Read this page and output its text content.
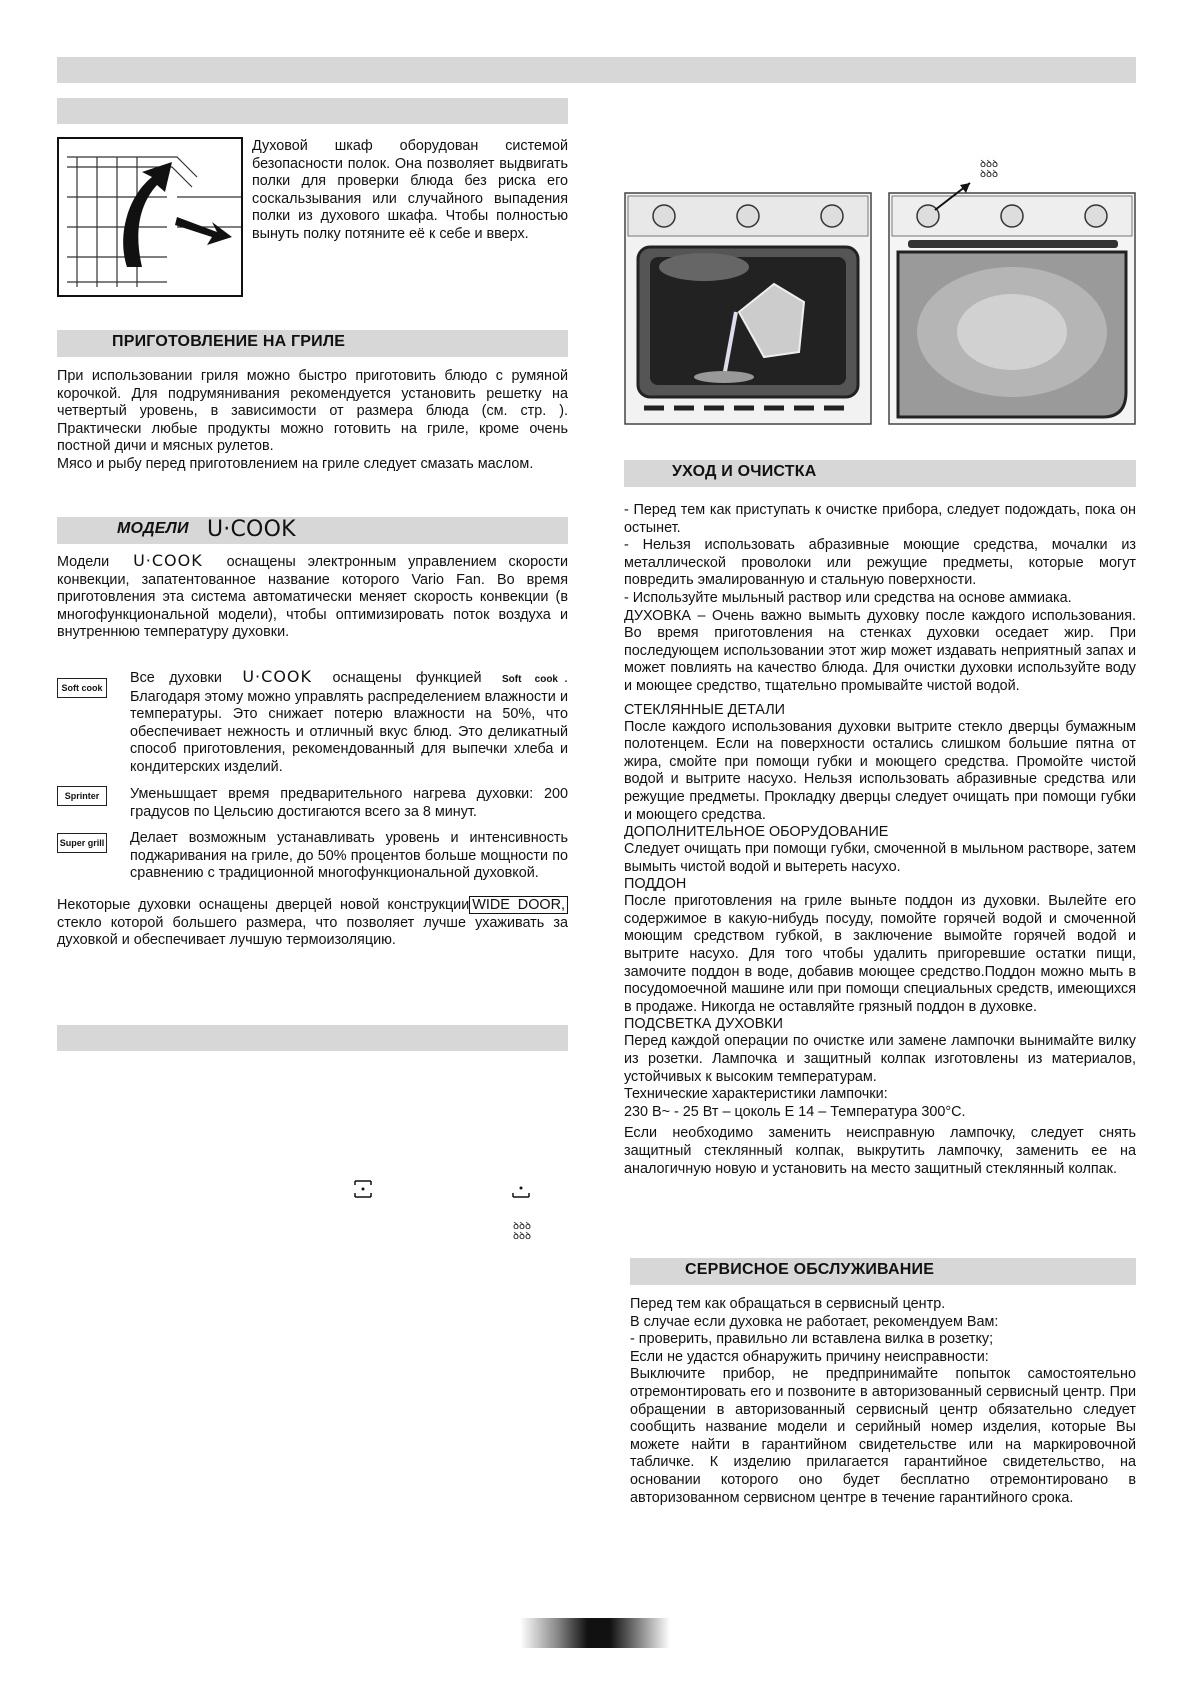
Духовой шкаф оборудован системой безопасности полок. Она позволяет выдвигать полки для проверки блюда без риска его соскальзывания или случайного выпадения полки из духового шкафа. Чтобы полностью вынуть полку потяните её к себе и вверх.
ПРИГОТОВЛЕНИЕ НА ГРИЛЕ

При использовании гриля можно быстро приготовить блюдо с румяной корочкой. Для подрумянивания рекомендуется установить решетку на четвертый уровень, в зависимости от размера блюда (см. стр. ). Практически любые продукты можно готовить на гриле, кроме очень постной дичи и мясных рулетов.

Мясо и рыбу перед приготовлением на гриле следует смазать маслом.

МОДЕЛИ U·COOK
Модели U·COOK оснащены электронным управлением скорости конвекции, запатентованное название которого Vario Fan. Во время приготовления эта система автоматически меняет скорость конвекции (в многофункциональной модели), чтобы оптимизировать поток воздуха и внутреннюю температуру духовки.
Soft cook
Все духовки U·COOK оснащены функцией Soft cook . Благодаря этому можно управлять распределением влажности и температуры. Это снижает потерю влажности на 50%, что обеспечивает нежность и отличный вкус блюд. Это деликатный способ приготовления, рекомендованный для выпечки хлеба и кондитерских изделий.
Sprinter	Уменьшщает время предварительного нагрева духовки: 200 градусов по Цельсию достигаются всего за 8 минут.
Super grill Делает возможным устанавливать уровень и интенсивность поджаривания на гриле, до 50% процентов больше мощности по сравнению с традиционной многофункциональной духовкой.
Некоторые духовки оснащены дверцей новой конструкции WIDE DOOR, стекло которой большего размера, что позволяет лучше ухаживать за духовкой и обеспечивает лучшую термоизоляцию.
ꝺꝺꝺ
ꝺꝺꝺ
ꝺꝺꝺ
ꝺꝺꝺ
УХОД И ОЧИСТКА

- Перед тем как приступать к очистке прибора, следует подождать, пока он остынет.

- Нельзя использовать абразивные моющие средства, мочалки из металлической проволоки или режущие предметы, которые могут повредить эмалированную и стальную поверхности.

- Используйте мыльный раствор или средства на основе аммиака.

ДУХОВКА – Очень важно вымыть духовку после каждого использования. Во время приготовления на стенках духовки оседает жир. При последующем использовании этот жир может издавать неприятный запах и может повлиять на качество блюда. Для очистки духовки используйте воду и моющее средство, тщательно промывайте чистой водой.

СТЕКЛЯННЫЕ ДЕТАЛИ

После каждого использования духовки вытрите стекло дверцы бумажным полотенцем. Если на поверхности остались слишком большие пятна от жира, смойте при помощи губки и моющего средства. Промойте чистой водой и вытрите насухо. Нельзя использовать абразивные средства или режущие предметы. Прокладку дверцы следует очищать при помощи губки и моющего средства.

ДОПОЛНИТЕЛЬНОЕ ОБОРУДОВАНИЕ

Следует очищать при помощи губки, смоченной в мыльном растворе, затем вымыть чистой водой и вытереть насухо.

ПОДДОН

После приготовления на гриле выньте поддон из духовки. Вылейте его содержимое в какую-нибудь посуду, помойте горячей водой и смоченной моющим средством губкой, в заключение вымойте горячей водой и вытрите насухо. Для того чтобы удалить пригоревшие остатки пищи, замочите поддон в воде, добавив моющее средство.Поддон можно мыть в посудомоечной машине или при помощи специальных средств, имеющихся в продаже. Никогда не оставляйте грязный поддон в духовке.

ПОДСВЕТКА ДУХОВКИ

Перед каждой операции по очистке или замене лампочки вынимайте вилку из розетки. Лампочка и защитный колпак изготовлены из материалов, устойчивых к высоким температурам.

Технические характеристики лампочки:

230 В~ - 25 Вт – цоколь Е 14 – Температура 300°С.

Если необходимо заменить неисправную лампочку, следует снять защитный стеклянный колпак, выкрутить лампочку, заменить ее на аналогичную новую и установить на место защитный стеклянный колпак.

СЕРВИСНОЕ ОБСЛУЖИВАНИЕ
Перед тем как обращаться в сервисный центр.
В случае если духовка не работает, рекомендуем Вам:
- проверить, правильно ли вставлена вилка в розетку;
Если не удастся обнаружить причину неисправности:
Выключите прибор, не предпринимайте попыток самостоятельно отремонтировать его и позвоните в авторизованный сервисный центр. При обращении в авторизованный сервисный центр обязательно следует сообщить название модели и серийный номер изделия, которые Вы можете найти в гарантийном свидетельстве или на маркировочной табличке. К изделию прилагается гарантийное свидетельство, на основании которого оно будет бесплатно отремонтировано в авторизованном сервисном центре в течение гарантийного срока.
